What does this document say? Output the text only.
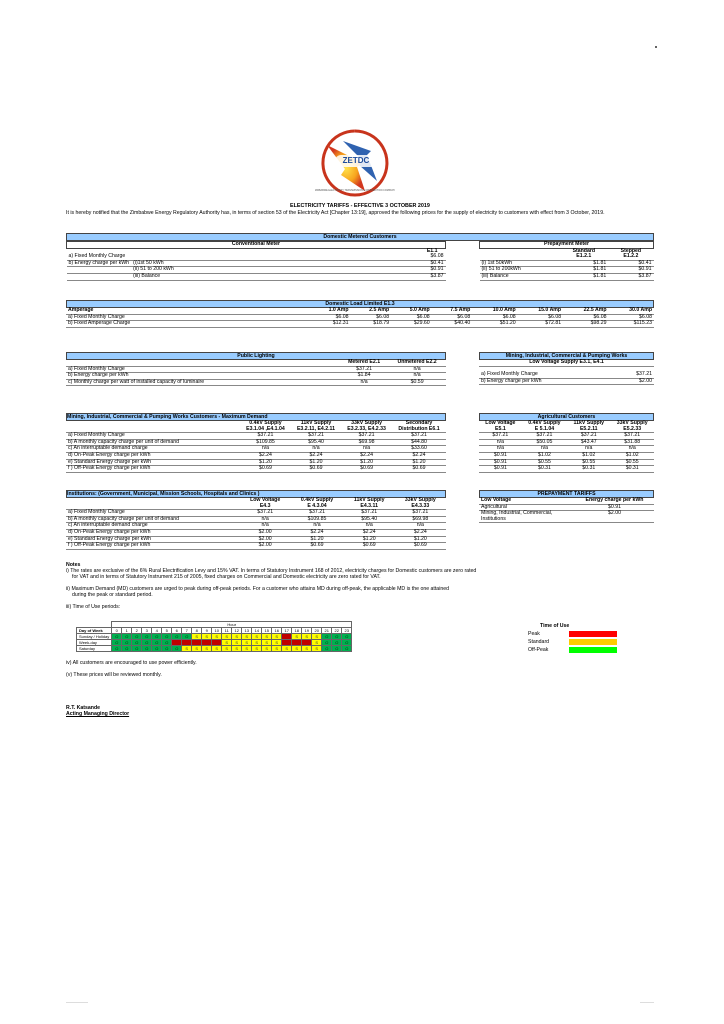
ZETDC
ZIMBABWE ELECTRICITY TRANSMISSION & DISTRIBUTION COMPANY
ELECTRICITY TARIFFS - EFFECTIVE 3 OCTOBER 2019
It is hereby notified that the Zimbabwe Energy Regulatory Authority has, in terms of section 53 of the Electricity Act [Chapter 13:19], approved the following prices for the supply of electricity to customers with effect from 3 October, 2019.
Domestic Metered Customers
Conventional Meter		
		E1.1
a) Fixed Monthly Charge		$6.08
b) Energy charge per kWh	(i)1st 50 kWh	$0.41
	(ii) 51 to 200 kWh	$0.91
	(iii) Balance	$3.87
Prepayment Meter		
	Standard	Stepped
	E1.2.1	E1.2.2
(i) 1st 50kWh	$1.81	$0.41
(ii) 51 to 200kWh	$1.81	$0.91
(iii) Balance	$1.81	$3.87
Domestic Load Limited E1.3
Amperage	1.0 Amp	2.5 Amp	5.0 Amp	7.5 Amp	10.0 Amp	15.0 Amp	22.5 Amp	30.0 Amp
a) Fixed Monthly Charge	$6.08	$6.08	$6.08	$6.08	$6.08	$6.08	$6.08	$6.08
b) Fixed Amperage Charge	$12.31	$18.79	$29.60	$40.40	$51.20	$72.81	$98.29	$115.23
Public Lighting
	Metered E2.1	Unmetered E2.2
a) Fixed Monthly Charge	$37.21	n/a
b) Energy charge per kWh	$1.84	n/a
c) Monthly charge per watt of installed capacity of luminaire	n/a	$0.59
Mining, Industrial, Commercial & Pumping Works
Low Voltage Supply E3.1, E4.1	

a) Fixed Monthly Charge	$37.21
b) Energy charge per kWh	$2.00
Mining, Industrial, Commercial & Pumping Works Customers - Maximum Demand
	0.4kV Supply	11kV Supply	33kV Supply	Secondary
	E3.1.04 ,E4.1.04	E3.2.11, E4.2.11	E3.2.33, E4.2.33	Distribution E6.1
a) Fixed Monthly Charge	$37.21	$37.21	$37.21	$37.21
b) A monthly capacity charge per unit of demand	$109.85	$95.40	$69.98	$44.80
c) An interruptable demand charge	n/a	n/a	n/a	$33.60
d) On-Peak Energy charge per kWh	$2.24	$2.24	$2.24	$2.24
e) Standard Energy charge per kWh	$1.20	$1.20	$1.20	$1.20
f ) Off-Peak Energy charge per kWh	$0.69	$0.69	$0.69	$0.69
Agricultural Customers
Low Voltage	0.4kV Supply	11kV Supply	33kV Supply
E5.1	E 5.1.04	E5.2.11	E5.2.33
$37.21	$37.21	$37.21	$37.21
n/a	$50.05	$43.47	$31.88
n/a	n/a	n/a	n/a
$0.91	$1.02	$1.02	$1.02
$0.91	$0.55	$0.55	$0.55
$0.91	$0.31	$0.31	$0.31
Institutions: (Government, Municipal, Mission Schools, Hospitals and Clinics )
	Low Voltage	0.4kV Supply	11kV Supply	33kV Supply
	E4.3	E 4.3.04	E4.3.11	E4.3.33
a) Fixed Monthly Charge	$37.21	$37.21	$37.21	$37.21
b) A monthly capacity charge per unit of demand	n/a	$109.85	$95.40	$69.98
c) An interruptable demand charge	n/a	n/a	n/a	n/a
d) On-Peak Energy charge per kWh	$2.00	$2.24	$2.24	$2.24
e) Standard Energy charge per kWh	$2.00	$1.20	$1.20	$1.20
f ) Off-Peak Energy charge per kWh	$2.00	$0.69	$0.69	$0.69
PREPAYMENT TARIFFS
Low Voltage	Energy charge per kWh
Agricultural	$0.91
Mining, Industrial, Commercial,	$2.00
Institutions	

Notes

i) The rates are exclusive of the 6% Rural Electrification Levy and 15% VAT. In terms of Statutory Instrument 168 of 2012, electricity charges for Domestic customers are zero rated

for VAT and in terms of Statutory Instrument 215 of 2005, fixed charges on Commercial and Domestic electricity are zero rated for VAT.

ii) Maximum Demand (MD) customers are urged to peak during off-peak periods. For a customer who attains MD during off-peak, the applicable MD is the one attained

during the peak or standard period.

iii) Time of Use periods:

	Hour																							
Day of Week	0	1	2	3	4	5	6	7	8	9	10	11	12	13	14	15	16	17	18	19	20	21	22	23
Sunday / Holiday	O	O	O	O	O	O	O	O	S	S	S	S	S	S	S	S	S		S	S	S	O	O	O
Week-day	O	O	O	O	O	O						S	S	S	S	S	S				S	O	O	O
Saturday	O	O	O	O	O	O	O	S	S	S	S	S	S	S	S	S	S	S	S	S	S	O	O	O
Time of Use
Peak
Standard
Off-Peak

iv) All customers are encouraged to use power efficiently.

(v) These prices will be reviewed monthly.

R.T. Katsande
Acting Managing Director
